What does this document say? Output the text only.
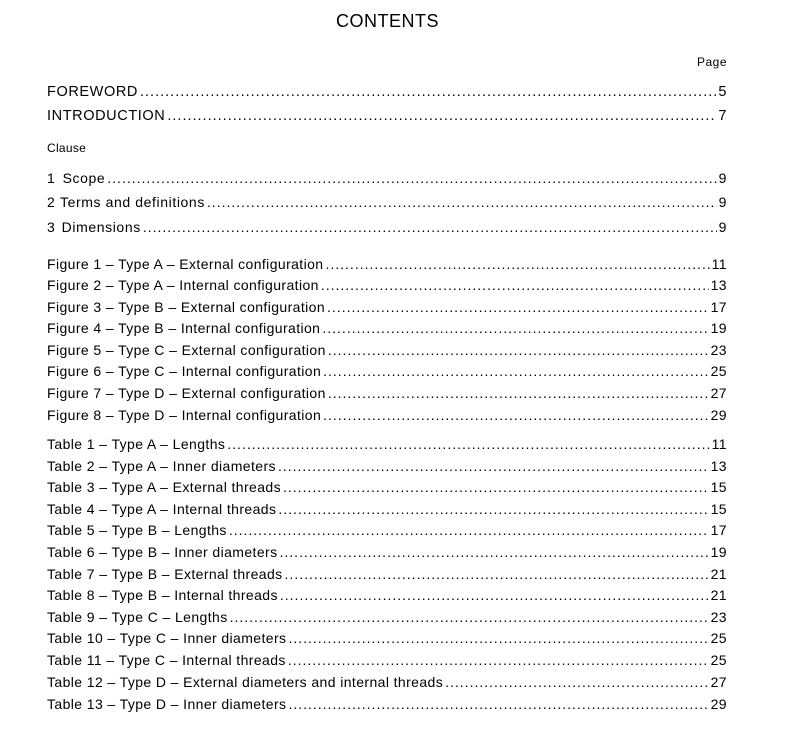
CONTENTS
Page
FOREWORD .....	5
INTRODUCTION .....	7
Clause
1 Scope .....	9
2 Terms and definitions .....	9
3 Dimensions .....	9
Figure 1 – Type A – External configuration .....	11
Figure 2 – Type A – Internal configuration .....	13
Figure 3 – Type B – External configuration .....	17
Figure 4 – Type B – Internal configuration .....	19
Figure 5 – Type C – External configuration .....	23
Figure 6 – Type C – Internal configuration .....	25
Figure 7 – Type D – External configuration .....	27
Figure 8 – Type D – Internal configuration .....	29
Table 1 – Type A – Lengths .....	11
Table 2 – Type A – Inner diameters .....	13
Table 3 – Type A – External threads .....	15
Table 4 – Type A – Internal threads .....	15
Table 5 – Type B – Lengths .....	17
Table 6 – Type B – Inner diameters .....	19
Table 7 – Type B – External threads .....	21
Table 8 – Type B – Internal threads .....	21
Table 9 – Type C – Lengths .....	23
Table 10 – Type C – Inner diameters .....	25
Table 11 – Type C – Internal threads .....	25
Table 12 – Type D – External diameters and internal threads .....	27
Table 13 – Type D – Inner diameters .....	29
